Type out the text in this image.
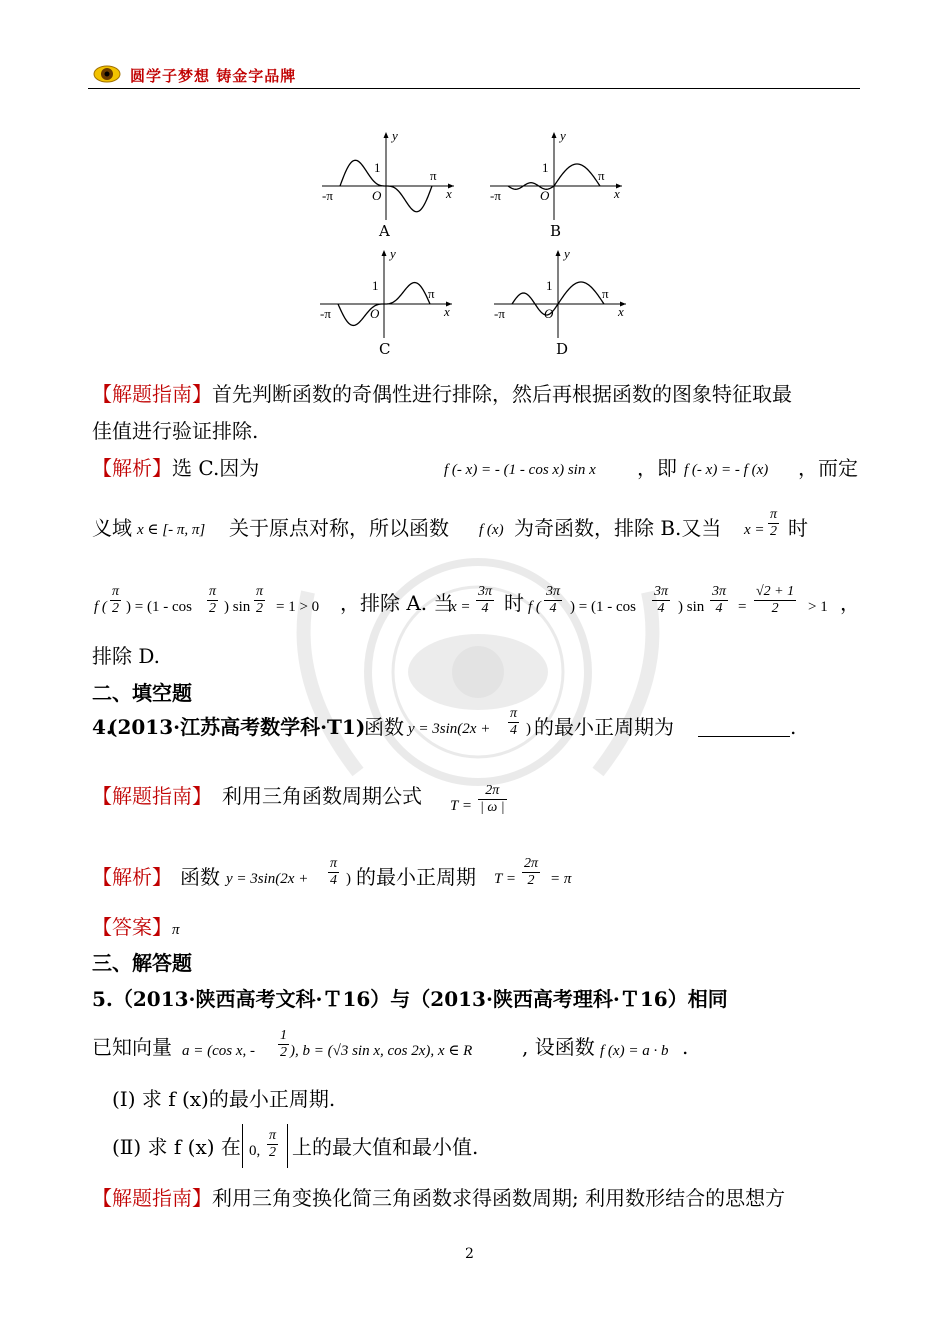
圆学子梦想 铸金字品牌
-π
π
1
O	x
y
A
-π
π
1
O	x
y
B
-π
π
1
O	x
y
C
-π
π
1
O	x
y
D
【解题指南】首先判断函数的奇偶性进行排除，然后再根据函数的图象特征取最
佳值进行验证排除.
【解析】选 C.因为	f (- x) = - (1 - cos x) sin x ，即 f (- x) = - f (x) ，而定
义域 x ∈ [- π, π] 关于原点对称，所以函数 f (x) 为奇函数，排除 B.又当 $x = \frac{\pi}{2}$ 时
f ( $\frac{\pi}{2}$ ) = ($1 - \cos \frac{\pi}{2}$ ) $\sin \frac{\pi}{2} = 1 > 0$ ，排除 A. 当
$x = \frac{3\pi}{4}$ 时 f ( $\frac{3\pi}{4}$ ) = ($1 - \cos \frac{3\pi}{4}$ ) $\sin \frac{3\pi}{4} = \frac{√2 + 1}{2} > 1$ ，
排除 D.
二、填空题
4.
(2013·江苏高考数学科·T1)
函数 $y = 3\sin(2x + \frac{\pi}{4}$ ) 的最小正周期为	.
【解题指南】 利用三角函数周期公式 $T = \frac{2\pi}{| \omega |}$
【解析】 函数 $y = 3\sin(2x + \frac{\pi}{4}$ ) 的最小正周期 $T = \frac{2\pi}{2} = \pi$
【答案】π
三、解答题
5.（2013·陕西高考文科·Ｔ16）与（2013·陕西高考理科·Ｔ16）相同
已知向量 a = (cos x, - $\frac{1}{2}$ ), b = (√3 sin x, cos 2x), x ∈ R , 设函数 f (x) = a · b .
(Ⅰ) 求 f (x)的最小正周期.
(Ⅱ) 求 f (x) 在 0, $\frac{\pi}{2}$ 上的最大值和最小值.
【解题指南】利用三角变换化简三角函数求得函数周期; 利用数形结合的思想方
2
